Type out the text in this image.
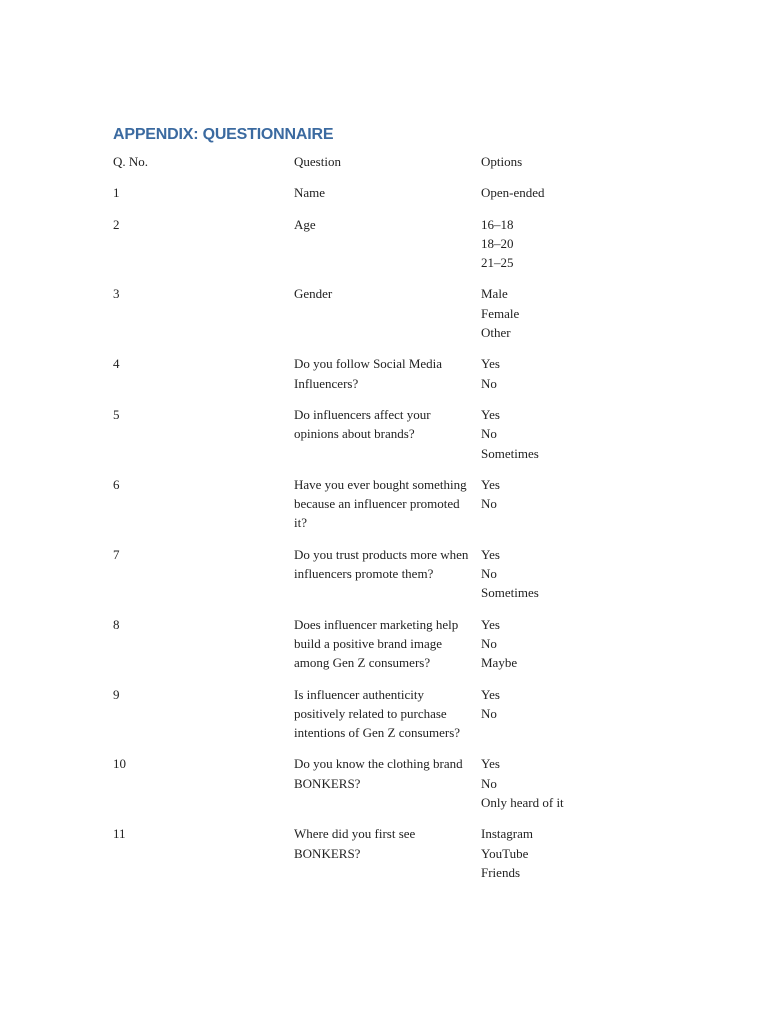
APPENDIX: QUESTIONNAIRE
Q. No.	Question	Options
1	Name	Open-ended

2	Age	16–18
18–20
21–25

3	Gender	Male
Female
Other

4	Do you follow Social Media Influencers?	Yes
No

5	Do influencers affect your opinions about brands?	Yes
No
Sometimes

6	Have you ever bought something because an influencer promoted it?	Yes
No

7	Do you trust products more when influencers promote them?	Yes
No
Sometimes

8	Does influencer marketing help build a positive brand image among Gen Z consumers?	Yes
No
Maybe

9	Is influencer authenticity positively related to purchase intentions of Gen Z consumers?	Yes
No

10	Do you know the clothing brand BONKERS?	Yes
No
Only heard of it

11	Where did you first see BONKERS?	Instagram
YouTube
Friends
